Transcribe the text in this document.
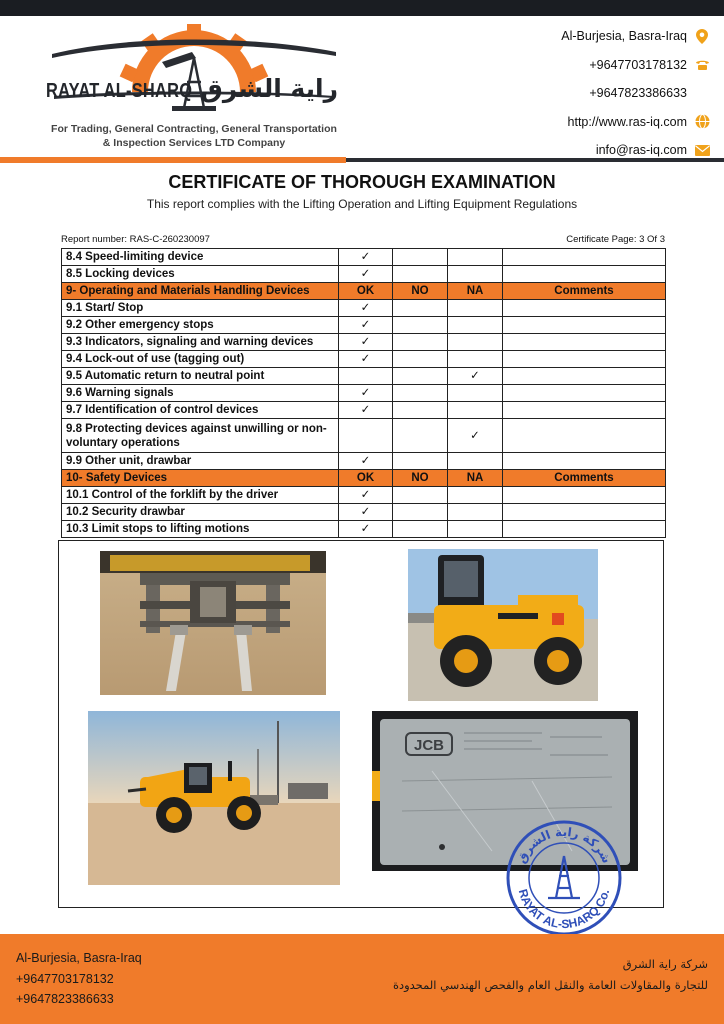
RAYAT AL-SHARQ راية الشرق
For Trading, General Contracting, General Transportation
& Inspection Services LTD Company
Al-Burjesia, Basra-Iraq
+9647703178132
+9647823386633
http://www.ras-iq.com
info@ras-iq.com
CERTIFICATE OF THOROUGH EXAMINATION
This report complies with the Lifting Operation and Lifting Equipment Regulations
Report number: RAS-C-260230097	Certificate Page: 3 Of 3
8.4 Speed-limiting device	✓			
8.5 Locking devices	✓			
9- Operating and Materials Handling Devices	OK	NO	NA	Comments
9.1 Start/ Stop	✓			
9.2 Other emergency stops	✓			
9.3 Indicators, signaling and warning devices	✓			
9.4 Lock-out of use (tagging out)	✓			
9.5 Automatic return to neutral point			✓	
9.6 Warning signals	✓			
9.7 Identification of control devices	✓			
9.8 Protecting devices against unwilling or non-voluntary operations			✓	
9.9 Other unit, drawbar	✓			
10- Safety Devices	OK	NO	NA	Comments
10.1 Control of the forklift by the driver	✓			
10.2 Security drawbar	✓			
10.3 Limit stops to lifting motions	✓			
JCB
شركة راية الشرق
RAYAT AL-SHARQ Co.
Al-Burjesia, Basra-Iraq
+9647703178132
+9647823386633
شركة راية الشرق
للتجارة والمقاولات العامة والنقل العام والفحص الهندسي المحدودة
